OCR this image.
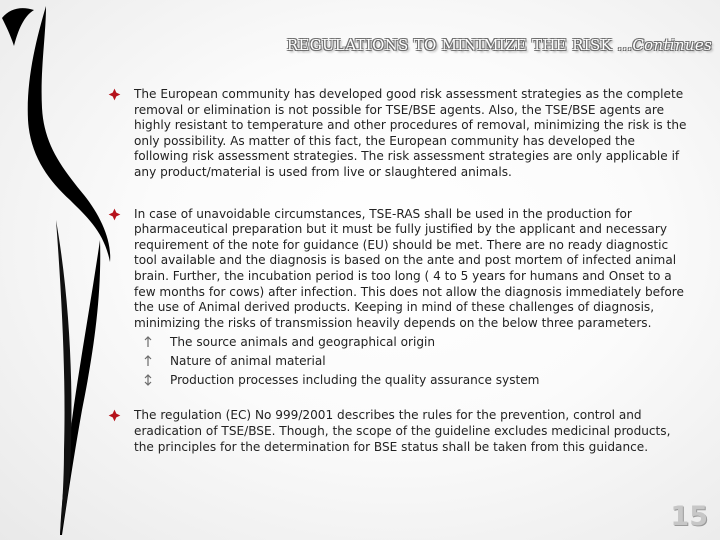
REGULATIONS TO MINIMIZE THE RISK …Continues
The European community has developed good risk assessment strategies as the complete removal or elimination is not possible for TSE/BSE agents. Also, the TSE/BSE agents are highly resistant to temperature and other procedures of removal, minimizing the risk is the only possibility. As matter of this fact, the European community has developed the following risk assessment strategies. The risk assessment strategies are only applicable if any product/material is used from live or slaughtered animals.
In case of unavoidable circumstances, TSE-RAS shall be used in the production for pharmaceutical preparation but it must be fully justified by the applicant and necessary requirement of the note for guidance (EU) should be met. There are no ready diagnostic tool available and the diagnosis is based on the ante and post mortem of infected animal brain. Further, the incubation period is too long ( 4 to 5 years for humans and Onset to a few months for cows) after infection. This does not allow the diagnosis immediately before the use of Animal derived products. Keeping in mind of these challenges of diagnosis, minimizing the risks of transmission heavily depends on the below three parameters.
The source animals and geographical origin
Nature of animal material
Production processes including the quality assurance system
The regulation (EC) No 999/2001 describes the rules for the prevention, control and eradication of TSE/BSE. Though, the scope of the guideline excludes medicinal products, the principles for the determination for BSE status shall be taken from this guidance.
15
